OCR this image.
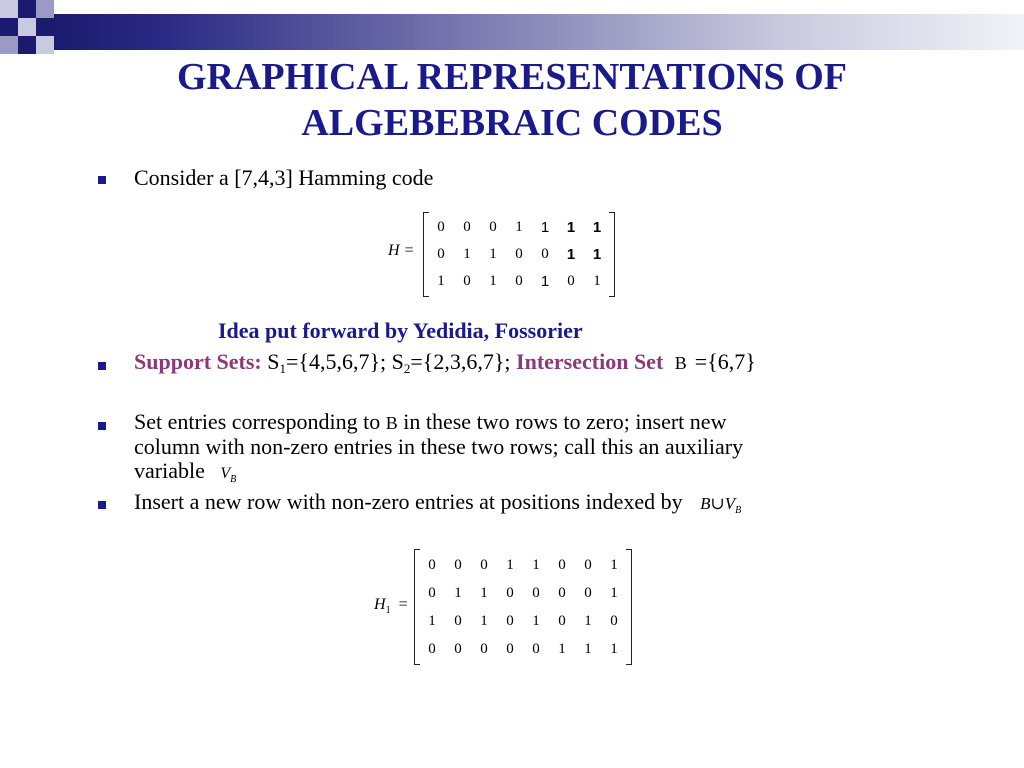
GRAPHICAL REPRESENTATIONS OF ALGEBEBRAIC CODES
Consider a [7,4,3] Hamming code
H =
0	0	0	1	1	1	1
0	1	1	0	0	1	1
1	0	1	0	1	0	1
Idea put forward by Yedidia, Fossorier
Support Sets: $S_1=\{4,5,6,7\}$; $S_2=\{2,3,6,7\}$; Intersection Set B ={6,7}
Set entries corresponding to B in these two rows to zero; insert new
column with non-zero entries in these two rows; call this an auxiliary
variable $V_B$
Insert a new row with non-zero entries at positions indexed by $B\cup V_B$
$H_1$ =
0	0	0	1	1	0	0	1
0	1	1	0	0	0	0	1
1	0	1	0	1	0	1	0
0	0	0	0	0	1	1	1
